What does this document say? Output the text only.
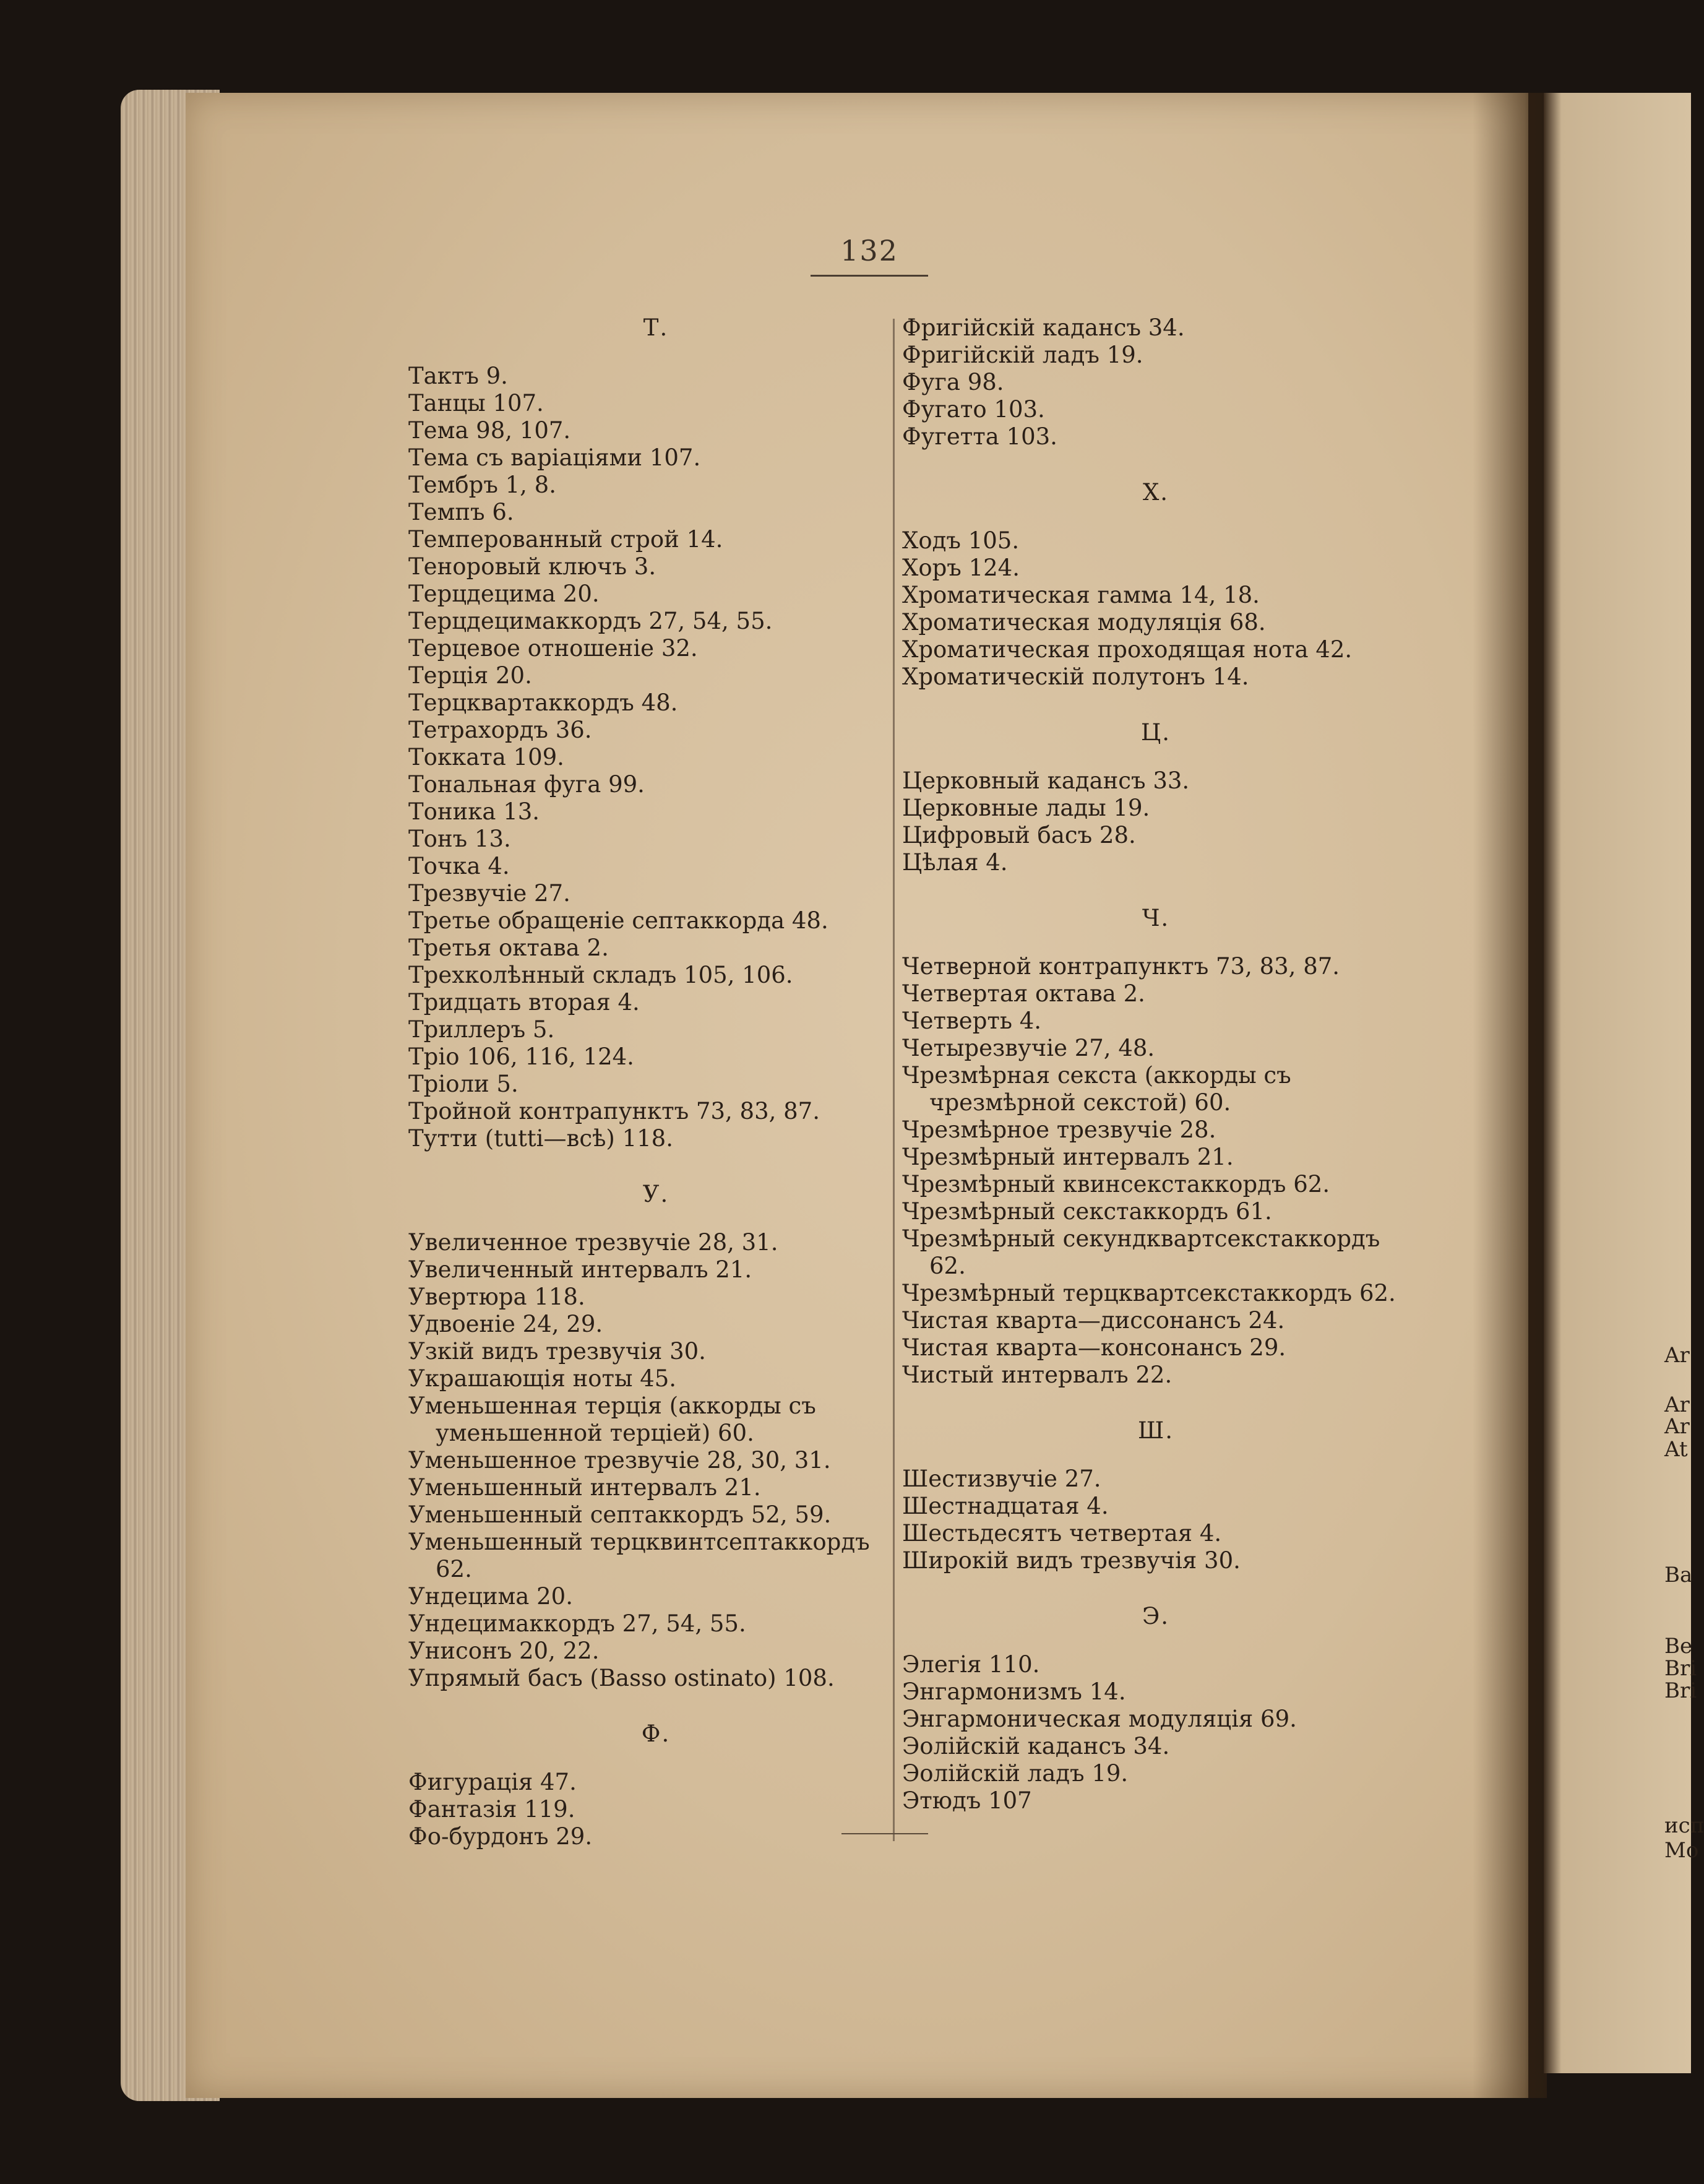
132
Т.
Тактъ 9.
Танцы 107.
Тема 98, 107.
Тема съ варіаціями 107.
Тембръ 1, 8.
Темпъ 6.
Темперованный строй 14.
Теноровый ключъ 3.
Терцдецима 20.
Терцдецимаккордъ 27, 54, 55.
Терцевое отношеніе 32.
Терція 20.
Терцквартаккордъ 48.
Тетрахордъ 36.
Токката 109.
Тональная фуга 99.
Тоника 13.
Тонъ 13.
Точка 4.
Трезвучіе 27.
Третье обращеніе септаккорда 48.
Третья октава 2.
Трехколѣнный складъ 105, 106.
Тридцать вторая 4.
Триллеръ 5.
Тріо 106, 116, 124.
Тріоли 5.
Тройной контрапунктъ 73, 83, 87.
Тутти (tutti—всѣ) 118.
У.
Увеличенное трезвучіе 28, 31.
Увеличенный интервалъ 21.
Увертюра 118.
Удвоеніе 24, 29.
Узкій видъ трезвучія 30.
Украшающія ноты 45.
Уменьшенная терція (аккорды съ уменьшенной терціей) 60.
Уменьшенное трезвучіе 28, 30, 31.
Уменьшенный интервалъ 21.
Уменьшенный септаккордъ 52, 59.
Уменьшенный терцквинтсептаккордъ 62.
Ундецима 20.
Ундецимаккордъ 27, 54, 55.
Унисонъ 20, 22.
Упрямый басъ (Basso ostinato) 108.
Ф.
Фигурація 47.
Фантазія 119.
Фо-бурдонъ 29.
Фригійскій кадансъ 34.
Фригійскій ладъ 19.
Фуга 98.
Фугато 103.
Фугетта 103.
Х.
Ходъ 105.
Хоръ 124.
Хроматическая гамма 14, 18.
Хроматическая модуляція 68.
Хроматическая проходящая нота 42.
Хроматическій полутонъ 14.
Ц.
Церковный кадансъ 33.
Церковные лады 19.
Цифровый басъ 28.
Цѣлая 4.
Ч.
Четверной контрапунктъ 73, 83, 87.
Четвертая октава 2.
Четверть 4.
Четырезвучіе 27, 48.
Чрезмѣрная секста (аккорды съ чрезмѣрной секстой) 60.
Чрезмѣрное трезвучіе 28.
Чрезмѣрный интервалъ 21.
Чрезмѣрный квинсекстаккордъ 62.
Чрезмѣрный секстаккордъ 61.
Чрезмѣрный секундквартсекстаккордъ 62.
Чрезмѣрный терцквартсекстаккордъ 62.
Чистая кварта—диссонансъ 24.
Чистая кварта—консонансъ 29.
Чистый интервалъ 22.
Ш.
Шестизвучіе 27.
Шестнадцатая 4.
Шестьдесятъ четвертая 4.
Широкій видъ трезвучія 30.
Э.
Элегія 110.
Энгармонизмъ 14.
Энгармоническая модуляція 69.
Эолійскій кадансъ 34.
Эолійскій ладъ 19.
Этюдъ 107
Ar
Ar
Ar
At
Ba
Be
Bri
Bri
исп
Мо
